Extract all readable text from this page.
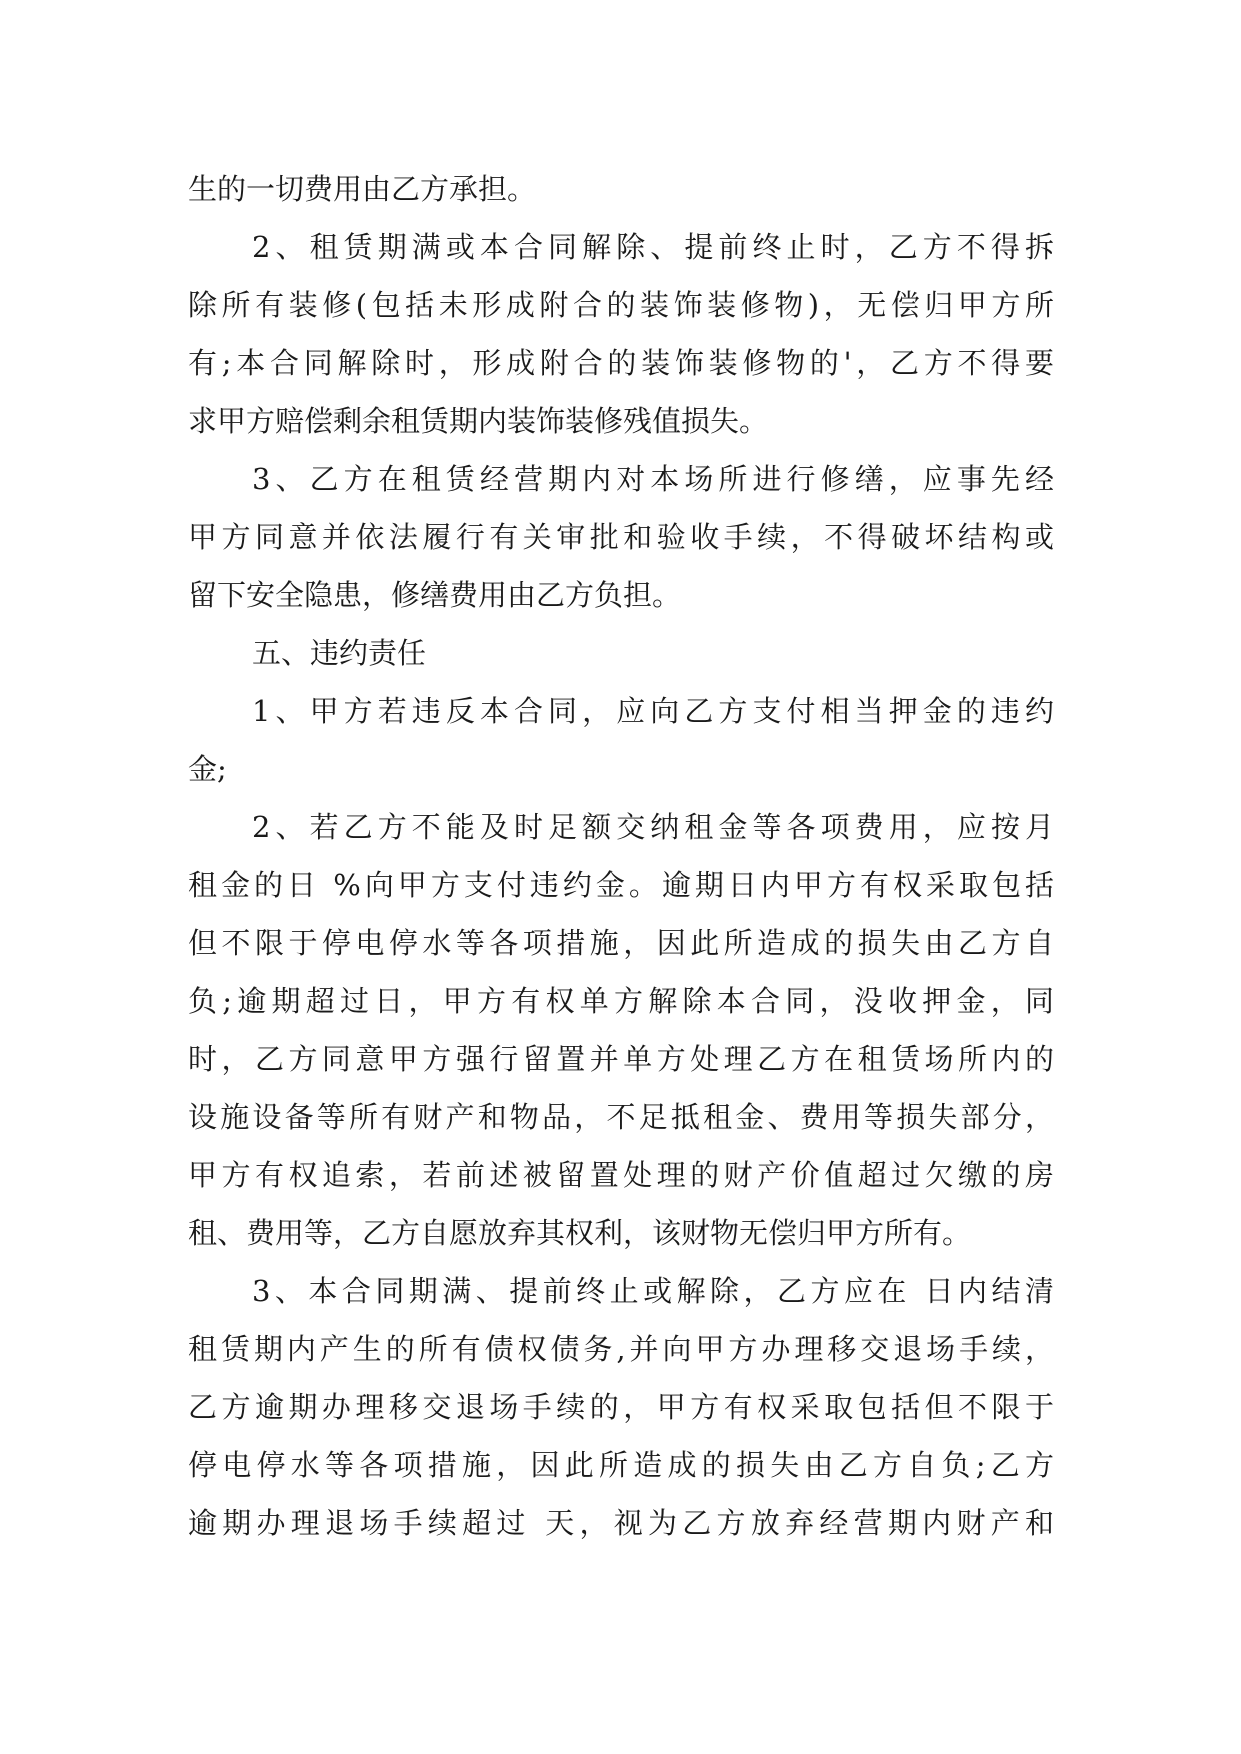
生的一切费用由乙方承担。
2、租赁期满或本合同解除、提前终止时，乙方不得拆
除所有装修(包括未形成附合的装饰装修物)，无偿归甲方所
有;本合同解除时，形成附合的装饰装修物的'，乙方不得要
求甲方赔偿剩余租赁期内装饰装修残值损失。
3、乙方在租赁经营期内对本场所进行修缮，应事先经
甲方同意并依法履行有关审批和验收手续，不得破坏结构或
留下安全隐患，修缮费用由乙方负担。
五、违约责任
1、甲方若违反本合同，应向乙方支付相当押金的违约
金;
2、若乙方不能及时足额交纳租金等各项费用，应按月
租金的日 %向甲方支付违约金。逾期日内甲方有权采取包括
但不限于停电停水等各项措施，因此所造成的损失由乙方自
负;逾期超过日，甲方有权单方解除本合同，没收押金，同
时，乙方同意甲方强行留置并单方处理乙方在租赁场所内的
设施设备等所有财产和物品，不足抵租金、费用等损失部分，
甲方有权追索，若前述被留置处理的财产价值超过欠缴的房
租、费用等，乙方自愿放弃其权利，该财物无偿归甲方所有。
3、本合同期满、提前终止或解除，乙方应在 日内结清
租赁期内产生的所有债权债务,并向甲方办理移交退场手续，
乙方逾期办理移交退场手续的，甲方有权采取包括但不限于
停电停水等各项措施，因此所造成的损失由乙方自负;乙方
逾期办理退场手续超过 天，视为乙方放弃经营期内财产和
